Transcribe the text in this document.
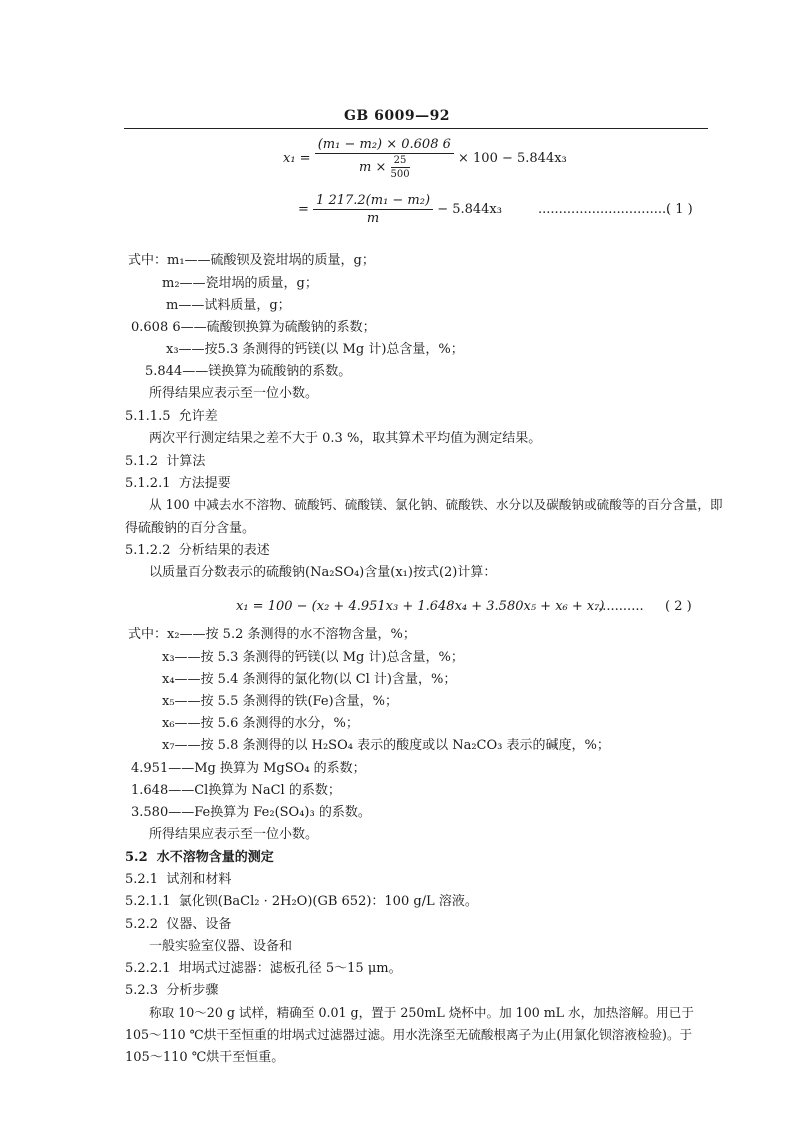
GB 6009—92
$x_1 = \frac{\text{(m₁ − m₂) × 0.608 6}}{m \times \frac{25}{500}} \times 100 - 5.844x_3$
= $\frac{\text{1 217.2(m₁ − m₂)}}{m} - 5.844x_3$	................................
( 1 )
式中：m₁——硫酸钡及瓷坩埚的质量，g；
m₂——瓷坩埚的质量，g；
m——试料质量，g；
0.608 6——硫酸钡换算为硫酸钠的系数；
x₃——按5.3 条测得的钙镁(以 Mg 计)总含量，%；
5.844——镁换算为硫酸钠的系数。
所得结果应表示至一位小数。
5.1.1.5 允许差
两次平行测定结果之差不大于 0.3 %，取其算术平均值为测定结果。
5.1.2 计算法
5.1.2.1 方法提要
从 100 中减去水不溶物、硫酸钙、硫酸镁、氯化钠、硫酸铁、水分以及碳酸钠或硫酸等的百分含量，即
得硫酸钠的百分含量。
5.1.2.2 分析结果的表述
以质量百分数表示的硫酸钠(Na₂SO₄)含量(x₁)按式(2)计算：
x₁ = 100 − (x₂ + 4.951x₃ + 1.648x₄ + 3.580x₅ + x₆ + x₇)
............ ( 2 )
式中：x₂——按 5.2 条测得的水不溶物含量，%；
x₃——按 5.3 条测得的钙镁(以 Mg 计)总含量，%；
x₄——按 5.4 条测得的氯化物(以 Cl 计)含量，%；
x₅——按 5.5 条测得的铁(Fe)含量，%；
x₆——按 5.6 条测得的水分，%；
x₇——按 5.8 条测得的以 H₂SO₄ 表示的酸度或以 Na₂CO₃ 表示的碱度，%；
4.951——Mg 换算为 MgSO₄ 的系数；
1.648——Cl换算为 NaCl 的系数；
3.580——Fe换算为 Fe₂(SO₄)₃ 的系数。
所得结果应表示至一位小数。
5.2 水不溶物含量的测定
5.2.1 试剂和材料
5.2.1.1 氯化钡(BaCl₂ · 2H₂O)(GB 652)：100 g/L 溶液。
5.2.2 仪器、设备
一般实验室仪器、设备和
5.2.2.1 坩埚式过滤器：滤板孔径 5～15 μm。
5.2.3 分析步骤
称取 10～20 g 试样，精确至 0.01 g，置于 250mL 烧杯中。加 100 mL 水，加热溶解。用已于
105～110 ℃烘干至恒重的坩埚式过滤器过滤。用水洗涤至无硫酸根离子为止(用氯化钡溶液检验)。于
105～110 ℃烘干至恒重。
